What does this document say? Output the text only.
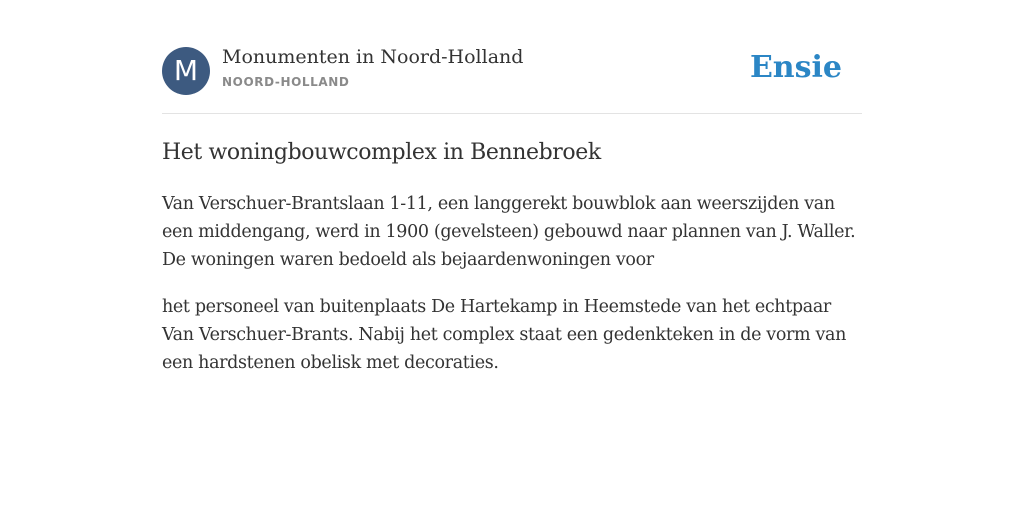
M	Monumenten in Noord-Holland
NOORD-HOLLAND	Ensie
Het woningbouwcomplex in Bennebroek

Van Verschuer-Brantslaan 1-11, een langgerekt bouwblok aan weerszijden van een middengang, werd in 1900 (gevelsteen) gebouwd naar plannen van J. Waller. De woningen waren bedoeld als bejaardenwoningen voor

het personeel van buitenplaats De Hartekamp in Heemstede van het echtpaar Van Verschuer-Brants. Nabij het complex staat een gedenkteken in de vorm van een hardstenen obelisk met decoraties.
